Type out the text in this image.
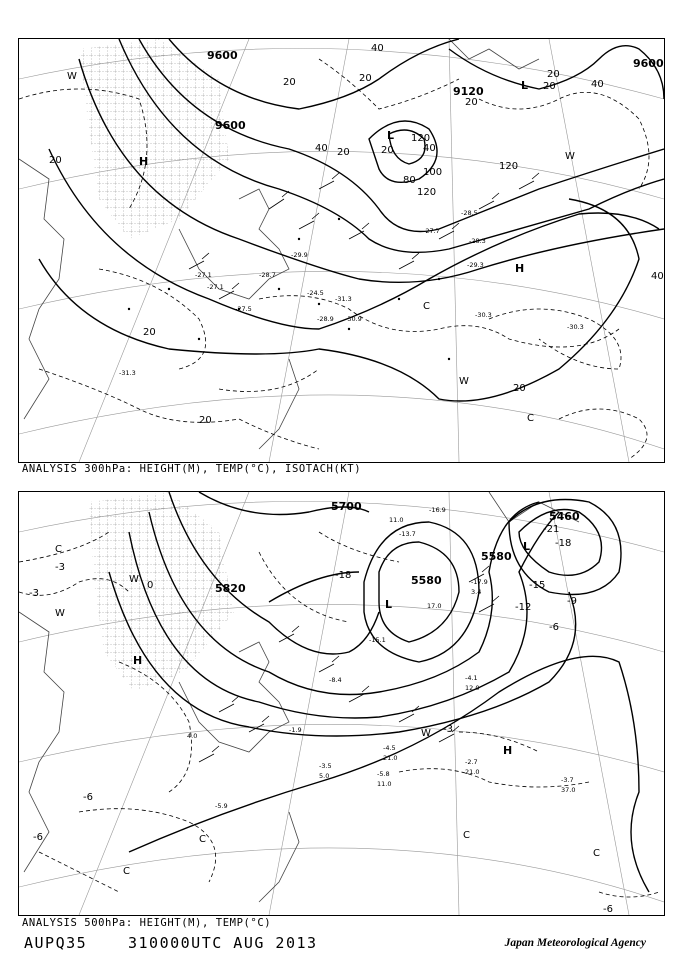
9600
9600
9120
9600
20
20	20
20	20
40
40	40
80
100
120
120
120
20
20
20	40
40
20
20
20
H
L
H
W
W
C
W
C
L
-27.1
-27.5
-28.7
-29.9
-30.3
-30.9
-31.3
-28.5
-27.7
-28.9
-29.3
-31.3
-30.3
-28.3
-27.1
-24.5
ANALYSIS 300hPa: HEIGHT(M), TEMP(°C), ISOTACH(KT)
5700
5820
5580
5580
5460
-3
-3
-18
-15
-12
-9
-6
-3
-6
-21
-18
-6
-6
0
C
W
H
W
L
L
H
C
C
C
C
W
-16.9
11.0
-13.7
17.0
-17.9
3.4
-15.1
-8.4
-4.5
21.0
-5.8
11.0
-2.7
21.0
-3.7
37.0
-5.9
-4.1
12.0
4.0
-1.9
-3.5
5.0
ANALYSIS 500hPa: HEIGHT(M), TEMP(°C)
AUPQ35	310000UTC AUG 2013	Japan Meteorological Agency
